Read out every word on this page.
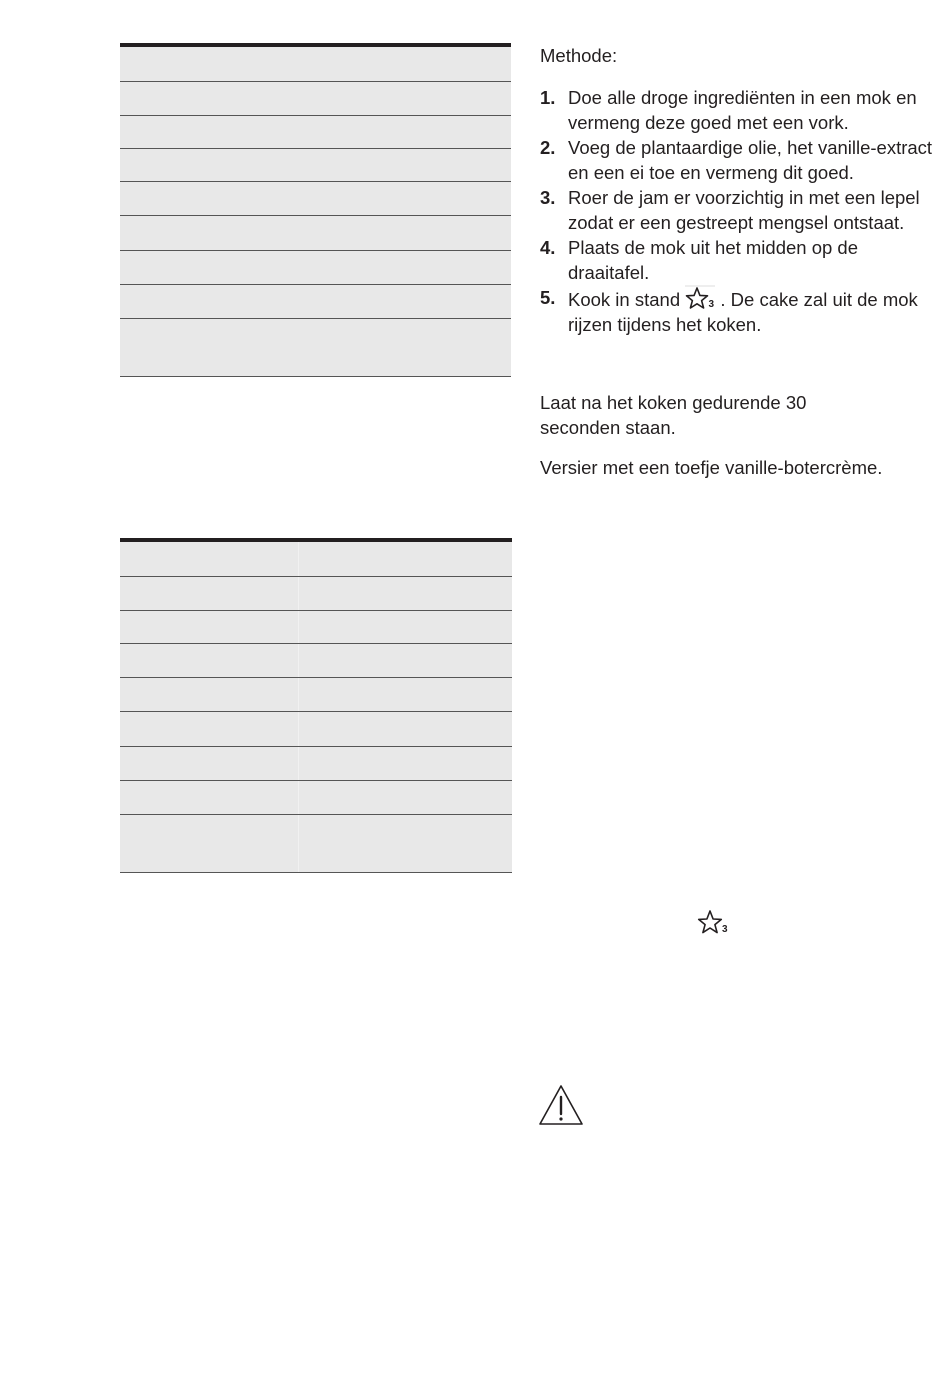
Methode:
1. Doe alle droge ingrediënten in een mok en vermeng deze goed met een vork.
2. Voeg de plantaardige olie, het vanille-extract en een ei toe en vermeng dit goed.
3. Roer de jam er voorzichtig in met een lepel zodat er een gestreept mengsel ontstaat.
4. Plaats de mok uit het midden op de draaitafel.
5. Kook in stand	3 . De cake zal uit de mok rijzen tijdens het koken.
Laat na het koken gedurende 30 seconden staan.
Versier met een toefje vanille-botercrème.
3
